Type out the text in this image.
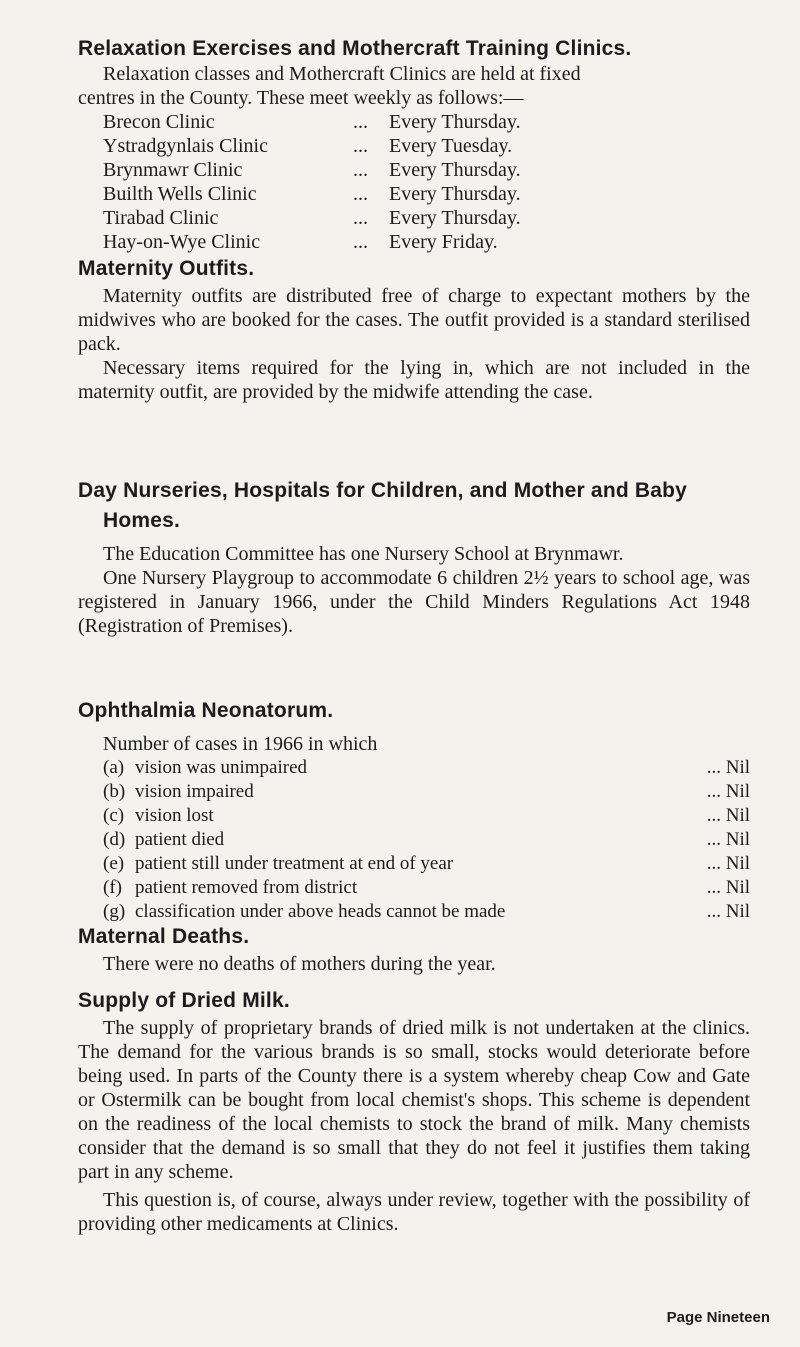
Relaxation Exercises and Mothercraft Training Clinics.

Relaxation classes and Mothercraft Clinics are held at fixed

centres in the County. These meet weekly as follows:—

Brecon Clinic	...	Every Thursday.
Ystradgynlais Clinic	...	Every Tuesday.
Brynmawr Clinic	...	Every Thursday.
Builth Wells Clinic	...	Every Thursday.
Tirabad Clinic	...	Every Thursday.
Hay-on-Wye Clinic	...	Every Friday.
Maternity Outfits.

Maternity outfits are distributed free of charge to expectant mothers by the midwives who are booked for the cases. The outfit provided is a standard sterilised pack.

Necessary items required for the lying in, which are not included in the maternity outfit, are provided by the midwife attending the case.

Day Nurseries, Hospitals for Children, and Mother and Baby
Homes.

The Education Committee has one Nursery School at Brynmawr.

One Nursery Playgroup to accommodate 6 children 2½ years to school age, was registered in January 1966, under the Child Minders Regulations Act 1948 (Registration of Premises).

Ophthalmia Neonatorum.

Number of cases in 1966 in which

(a) vision was unimpaired	... Nil
(b) vision impaired	... Nil
(c) vision lost	... Nil
(d) patient died	... Nil
(e) patient still under treatment at end of year	... Nil
(f) patient removed from district	... Nil
(g) classification under above heads cannot be made	... Nil
Maternal Deaths.

There were no deaths of mothers during the year.

Supply of Dried Milk.

The supply of proprietary brands of dried milk is not undertaken at the clinics. The demand for the various brands is so small, stocks would deteriorate before being used. In parts of the County there is a system whereby cheap Cow and Gate or Ostermilk can be bought from local chemist's shops. This scheme is dependent on the readiness of the local chemists to stock the brand of milk. Many chemists consider that the demand is so small that they do not feel it justifies them taking part in any scheme.

This question is, of course, always under review, together with the possibility of providing other medicaments at Clinics.

Page Nineteen
